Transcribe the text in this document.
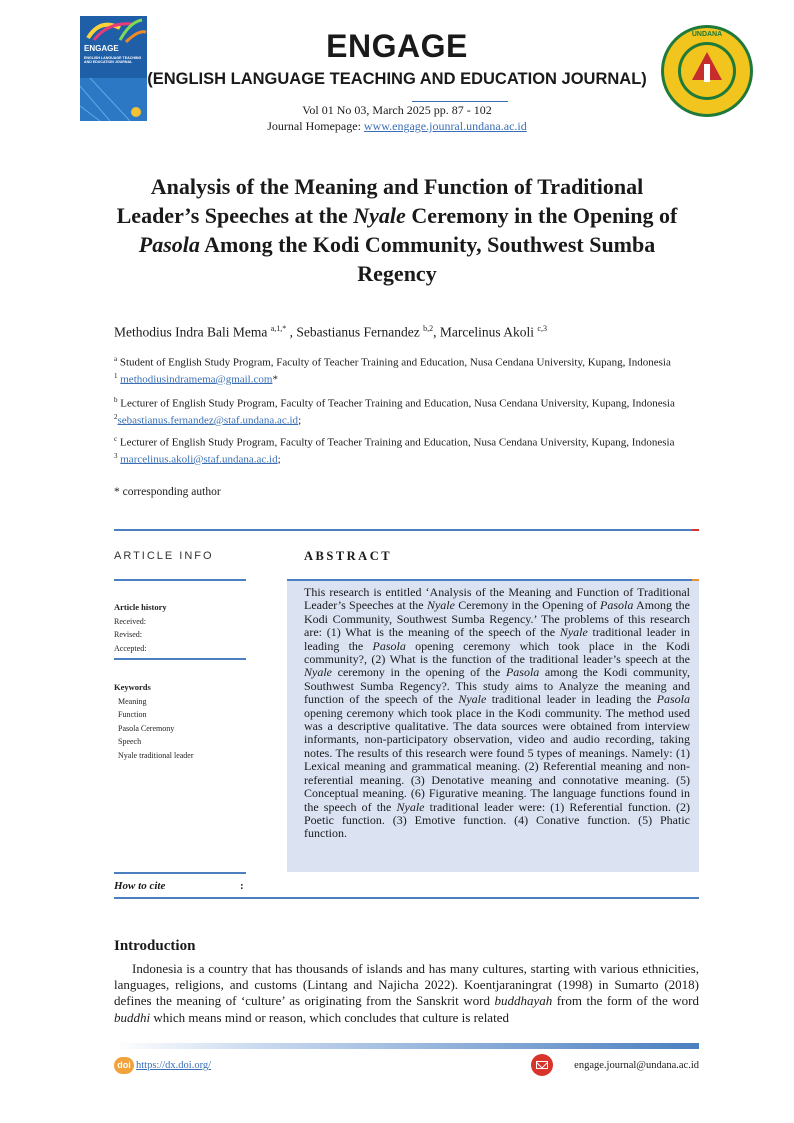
ENGAGE
ENGLISH LANGUAGE TEACHING AND EDUCATION JOURNAL	ENGAGE
(ENGLISH LANGUAGE TEACHING AND EDUCATION JOURNAL)
Vol 01 No 03, March 2025 pp. 87 - 102
Journal Homepage: www.engage.jounral.undana.ac.id
UNDANA
Analysis of the Meaning and Function of Traditional Leader’s Speeches at the Nyale Ceremony in the Opening of Pasola Among the Kodi Community, Southwest Sumba Regency
Methodius Indra Bali Mema $^{a,1,*}$ , Sebastianus Fernandez $^{b,2}$, Marcelinus Akoli $^{c,3}$
$^a$ Student of English Study Program, Faculty of Teacher Training and Education, Nusa Cendana University, Kupang, Indonesia
$^1$ methodiusindramema@gmail.com*
$^b$ Lecturer of English Study Program, Faculty of Teacher Training and Education, Nusa Cendana University, Kupang, Indonesia
$^2$sebastianus.fernandez@staf.undana.ac.id;
$^c$ Lecturer of English Study Program, Faculty of Teacher Training and Education, Nusa Cendana University, Kupang, Indonesia
$^3$ marcelinus.akoli@staf.undana.ac.id;
* corresponding author
ARTICLE INFO	ABSTRACT
Article history
Received:
Revised:
Accepted:
Keywords
Meaning
Function
Pasola Ceremony
Speech
Nyale traditional leader
This research is entitled ‘Analysis of the Meaning and Function of Traditional Leader’s Speeches at the Nyale Ceremony in the Opening of Pasola Among the Kodi Community, Southwest Sumba Regency.’ The problems of this research are: (1) What is the meaning of the speech of the Nyale traditional leader in leading the Pasola opening ceremony which took place in the Kodi community?, (2) What is the function of the traditional leader’s speech at the Nyale ceremony in the opening of the Pasola among the Kodi community, Southwest Sumba Regency?. This study aims to Analyze the meaning and function of the speech of the Nyale traditional leader in leading the Pasola opening ceremony which took place in the Kodi community. The method used was a descriptive qualitative. The data sources were obtained from interview informants, non-participatory observation, video and audio recording, taking notes. The results of this research were found 5 types of meanings. Namely: (1) Lexical meaning and grammatical meaning. (2) Referential meaning and non-referential meaning. (3) Denotative meaning and connotative meaning. (5) Conceptual meaning. (6) Figurative meaning. The language functions found in the speech of the Nyale traditional leader were: (1) Referential function. (2) Poetic function. (3) Emotive function. (4) Conative function. (5) Phatic function.
How to cite	:
Introduction
Indonesia is a country that has thousands of islands and has many cultures, starting with various ethnicities, languages, religions, and customs (Lintang and Najicha 2022). Koentjaraningrat (1998) in Sumarto (2018) defines the meaning of ‘culture’ as originating from the Sanskrit word buddhayah from the form of the word buddhi which means mind or reason, which concludes that culture is related
doi https://dx.doi.org/	engage.journal@undana.ac.id
